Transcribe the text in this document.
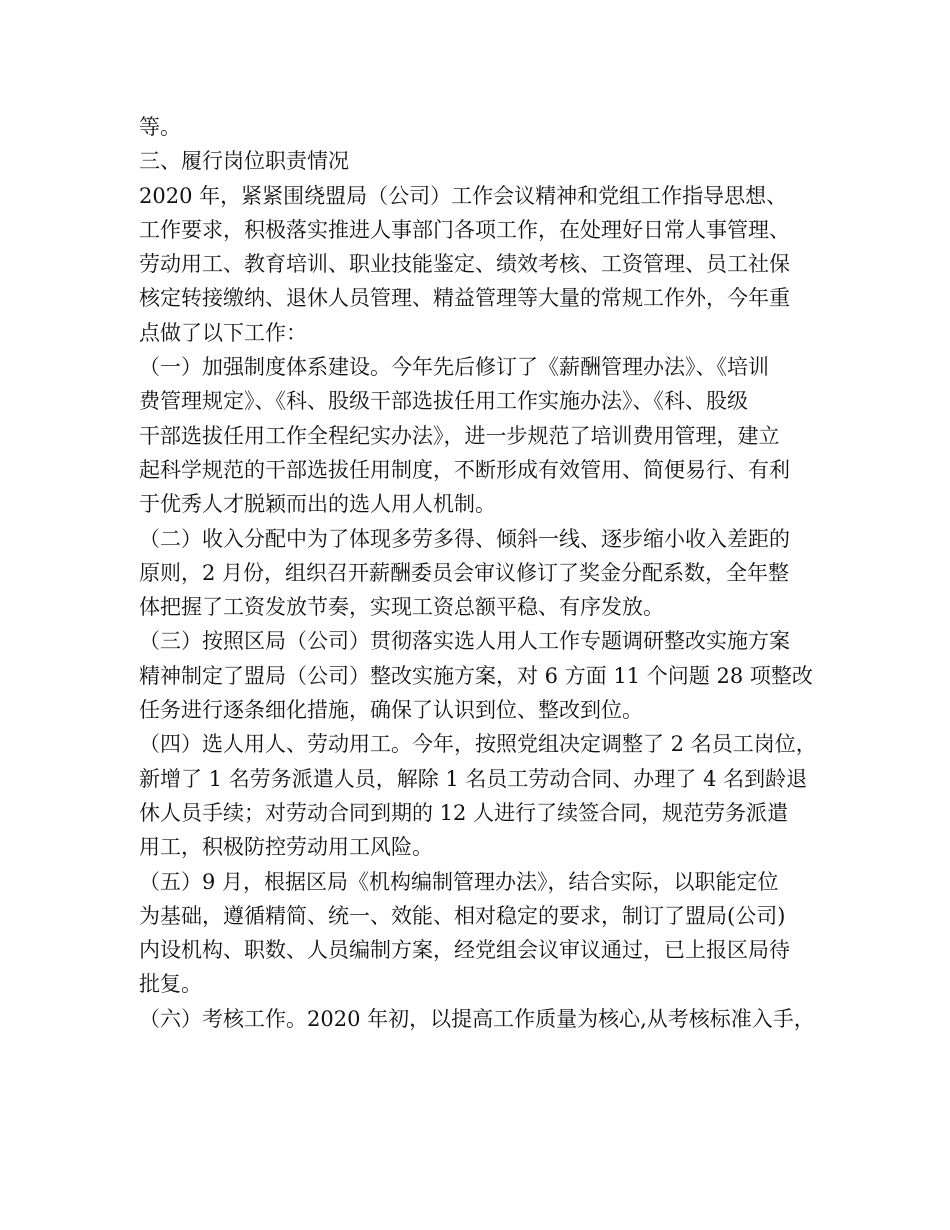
等。
三、履行岗位职责情况
2020 年，紧紧围绕盟局（公司）工作会议精神和党组工作指导思想、
工作要求，积极落实推进人事部门各项工作，在处理好日常人事管理、
劳动用工、教育培训、职业技能鉴定、绩效考核、工资管理、员工社保
核定转接缴纳、退休人员管理、精益管理等大量的常规工作外，今年重
点做了以下工作：
（一）加强制度体系建设。今年先后修订了《薪酬管理办法》、《培训
费管理规定》、《科、股级干部选拔任用工作实施办法》、《科、股级
干部选拔任用工作全程纪实办法》，进一步规范了培训费用管理，建立
起科学规范的干部选拔任用制度，不断形成有效管用、简便易行、有利
于优秀人才脱颖而出的选人用人机制。
（二）收入分配中为了体现多劳多得、倾斜一线、逐步缩小收入差距的
原则，2 月份，组织召开薪酬委员会审议修订了奖金分配系数，全年整
体把握了工资发放节奏，实现工资总额平稳、有序发放。
（三）按照区局（公司）贯彻落实选人用人工作专题调研整改实施方案
精神制定了盟局（公司）整改实施方案，对 6 方面 11 个问题 28 项整改
任务进行逐条细化措施，确保了认识到位、整改到位。
（四）选人用人、劳动用工。今年，按照党组决定调整了 2 名员工岗位，
新增了 1 名劳务派遣人员，解除 1 名员工劳动合同、办理了 4 名到龄退
休人员手续；对劳动合同到期的 12 人进行了续签合同，规范劳务派遣
用工，积极防控劳动用工风险。
（五）9 月，根据区局《机构编制管理办法》，结合实际，以职能定位
为基础，遵循精简、统一、效能、相对稳定的要求，制订了盟局(公司)
内设机构、职数、人员编制方案，经党组会议审议通过，已上报区局待
批复。
（六）考核工作。2020 年初，以提高工作质量为核心,从考核标准入手，
